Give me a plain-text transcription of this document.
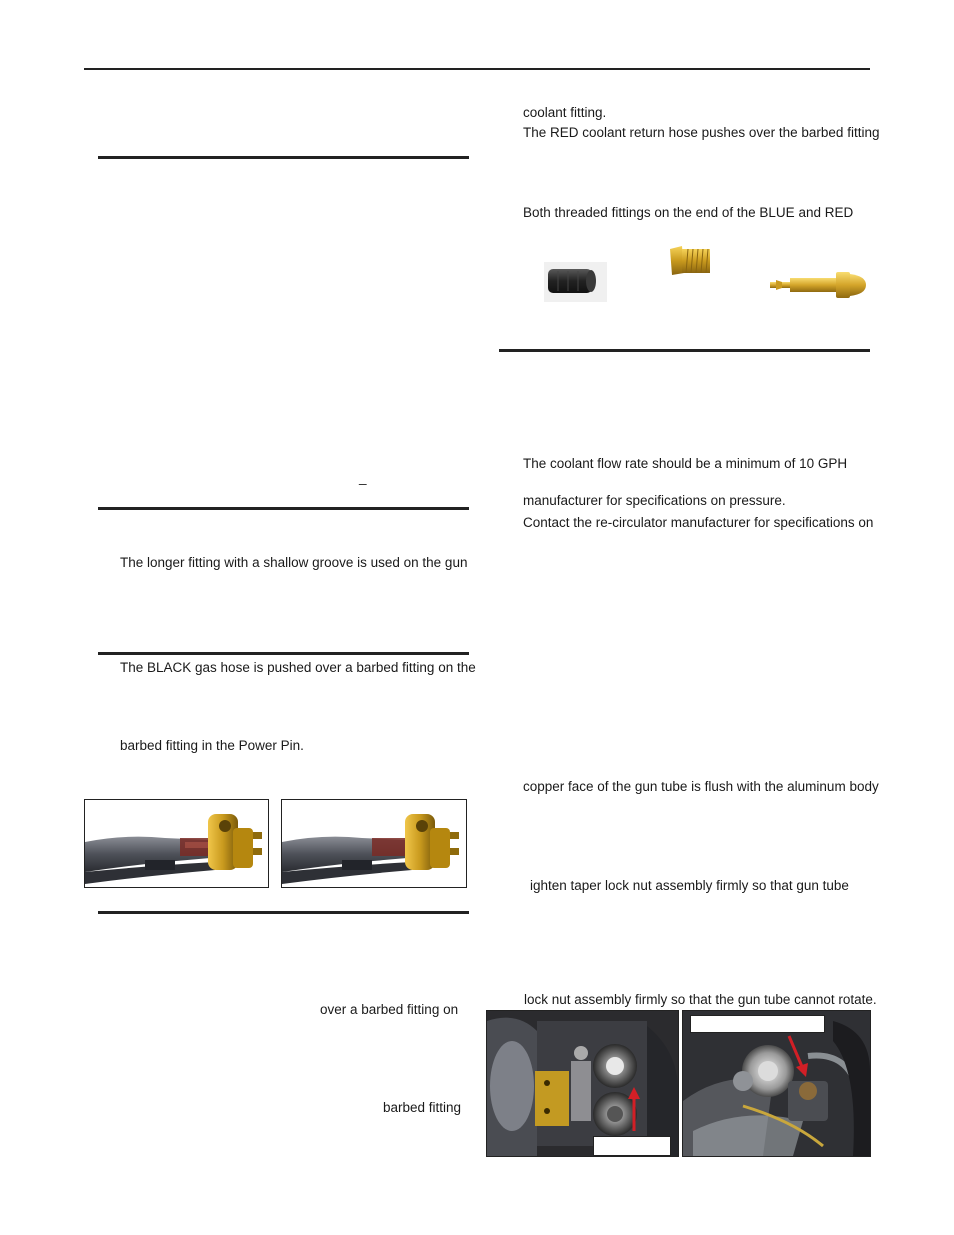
_
The longer fitting with a shallow groove is used on the gun
The BLACK gas hose is pushed over a barbed fitting on the
barbed fitting in the Power Pin.
over a barbed fitting on
barbed fitting
coolant fitting.
The RED coolant return hose pushes over the barbed fitting
Both threaded fittings on the end of the BLUE and RED
The coolant flow rate should be a minimum of 10 GPH
manufacturer for specifications on pressure.
Contact the re-circulator manufacturer for specifications on
copper face of the gun tube is flush with the aluminum body
ighten taper lock nut assembly firmly so that gun tube
lock nut assembly firmly so that the gun tube cannot rotate.
